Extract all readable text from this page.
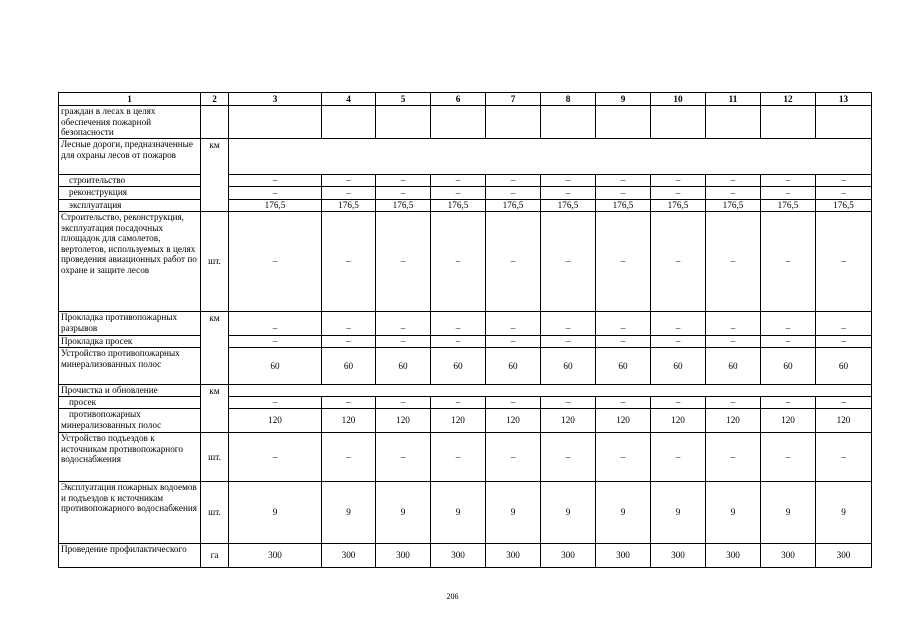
1	2	3	4	5	6	7	8	9	10	11	12	13
граждан в лесах в целях обеспечения пожарной безопасности												
Лесные дороги, предназначенные для охраны лесов от пожаров	км											
строительство		–	–	–	–	–	–	–	–	–	–	–
реконструкция		–	–	–	–	–	–	–	–	–	–	–
эксплуатация		176,5	176,5	176,5	176,5	176,5	176,5	176,5	176,5	176,5	176,5	176,5
Строительство, реконструкция, эксплуатация посадочных площадок для самолетов, вертолетов, используемых в целях проведения авиационных работ по охране и защите лесов	шт.	–	–	–	–	–	–	–	–	–	–	–
Прокладка противопожарных разрывов	км	–	–	–	–	–	–	–	–	–	–	–
Прокладка просек		–	–	–	–	–	–	–	–	–	–	–
Устройство противопожарных минерализованных полос		60	60	60	60	60	60	60	60	60	60	60
Прочистка и обновление	км											
просек		–	–	–	–	–	–	–	–	–	–	–
противопожарных минерализованных полос		120	120	120	120	120	120	120	120	120	120	120
Устройство подъездов к источникам противопожарного водоснабжения	шт.	–	–	–	–	–	–	–	–	–	–	–
Эксплуатация пожарных водоемов и подъездов к источникам противопожарного водоснабжения	шт.	9	9	9	9	9	9	9	9	9	9	9
Проведение профилактического	га	300	300	300	300	300	300	300	300	300	300	300
206
